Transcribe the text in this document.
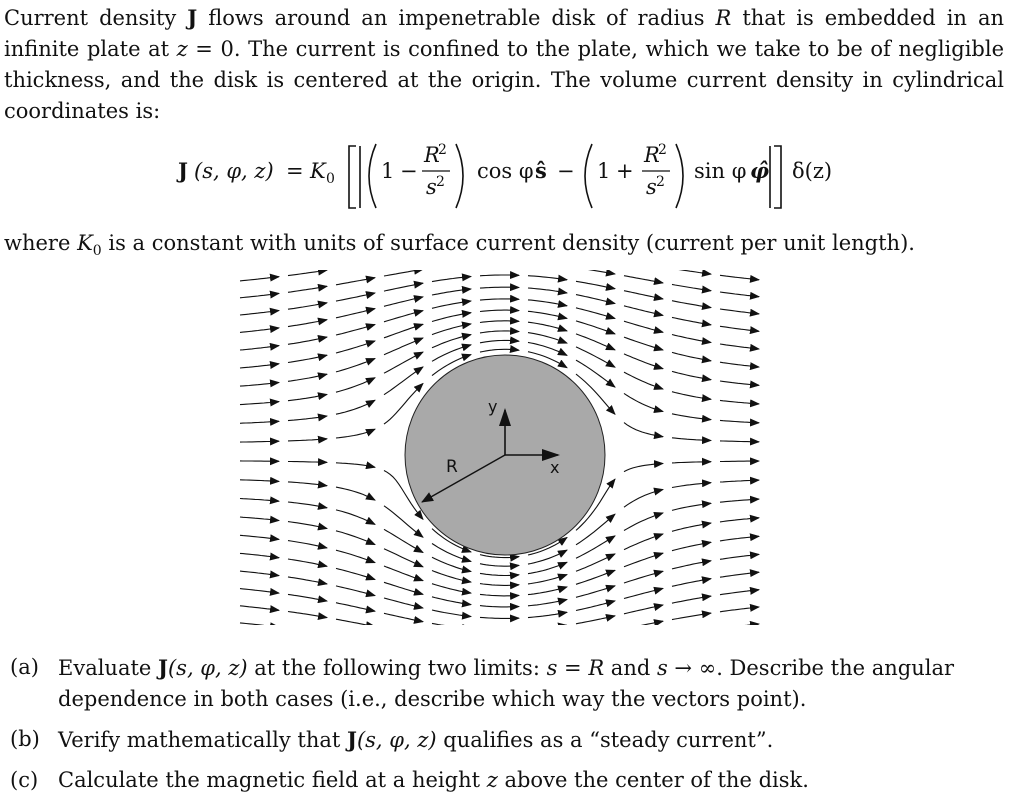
Current density J flows around an impenetrable disk of radius R that is embedded in an infinite plate at z = 0. The current is confined to the plate, which we take to be of negligible thickness, and the disk is centered at the origin. The volume current density in cylindrical coordinates is:
J (s, φ, z) = K 0 1 −
R
2
s 2 cos φ ŝ − 1 +
R
2
s 2 sin φ φ̂ δ(z)
where $K_0$ is a constant with units of surface current density (current per unit length).
x
y
R
(a) Evaluate J(s, φ, z) at the following two limits: s = R and s → ∞. Describe the angular dependence in both cases (i.e., describe which way the vectors point).
(b) Verify mathematically that J(s, φ, z) qualifies as a “steady current”.
(c) Calculate the magnetic field at a height z above the center of the disk.
